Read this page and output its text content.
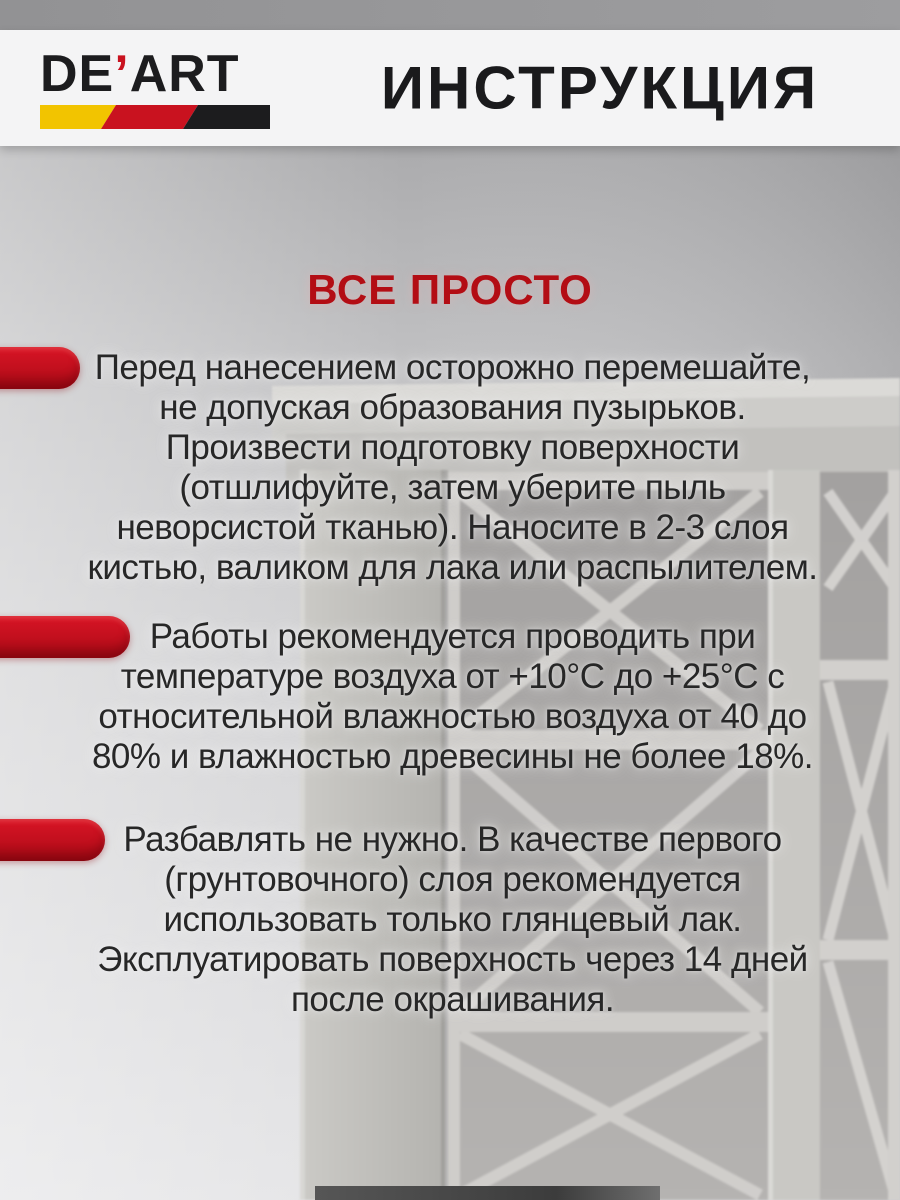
DE’ART	ИНСТРУКЦИЯ
ВСЕ ПРОСТО
Перед нанесением осторожно перемешайте,
не допуская образования пузырьков.
Произвести подготовку поверхности
(отшлифуйте, затем уберите пыль
неворсистой тканью). Наносите в 2-3 слоя
кистью, валиком для лака или распылителем.
Работы рекомендуется проводить при
температуре воздуха от +10°С до +25°С с
относительной влажностью воздуха от 40 до
80% и влажностью древесины не более 18%.
Разбавлять не нужно. В качестве первого
(грунтовочного) слоя рекомендуется
использовать только глянцевый лак.
Эксплуатировать поверхность через 14 дней
после окрашивания.
